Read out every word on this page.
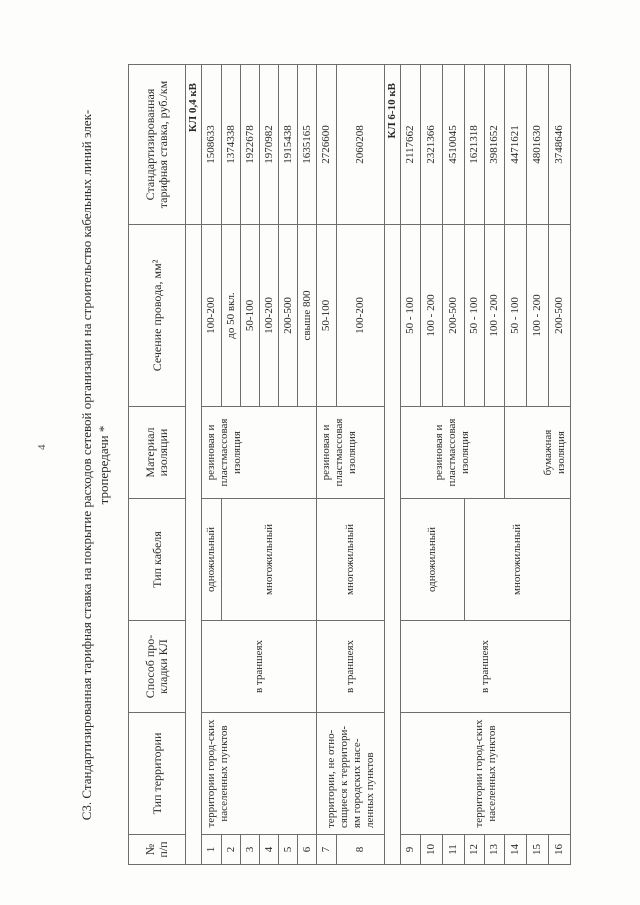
4 C3. Стандартизированная тарифная ставка на покрытие расходов сетевой организации на строительство кабельных линий элек- тропередачи *

№ п/п	Тип территории	Способ про-кладки КЛ	Тип кабеля	Материал изоляции	Сечение провода, мм²	Стандартизированная тарифная ставка, руб./км
						КЛ 0,4 кВ
1	территории город-ских населенных пунктов	в траншеях	одножильный	резиновая и пластмассовая изоляция	100-200	1508633
2			многожильный		до 50 вкл.	1374338
3					50-100	1922678
4					100-200	1970982
5					200-500	1915438
6					свыше 800	1635165
7	территории, не отно-сящиеся к территори-ям городских насе-ленных пунктов	в траншеях	многожильный	резиновая и пластмассовая изоляция	50-100	2726600
8					100-200	2060208
						КЛ 6-10 кВ
9	территории город-ских населенных пунктов	в траншеях	одножильный	резиновая и пластмассовая изоляция	50 - 100	2117662
10					100 - 200	2321366
11					200-500	4510045
12			многожильный		50 - 100	1621318
13					100 - 200	3981652
14				бумажная изоляция	50 - 100	4471621
15					100 - 200	4801630
16					200-500	3748646
